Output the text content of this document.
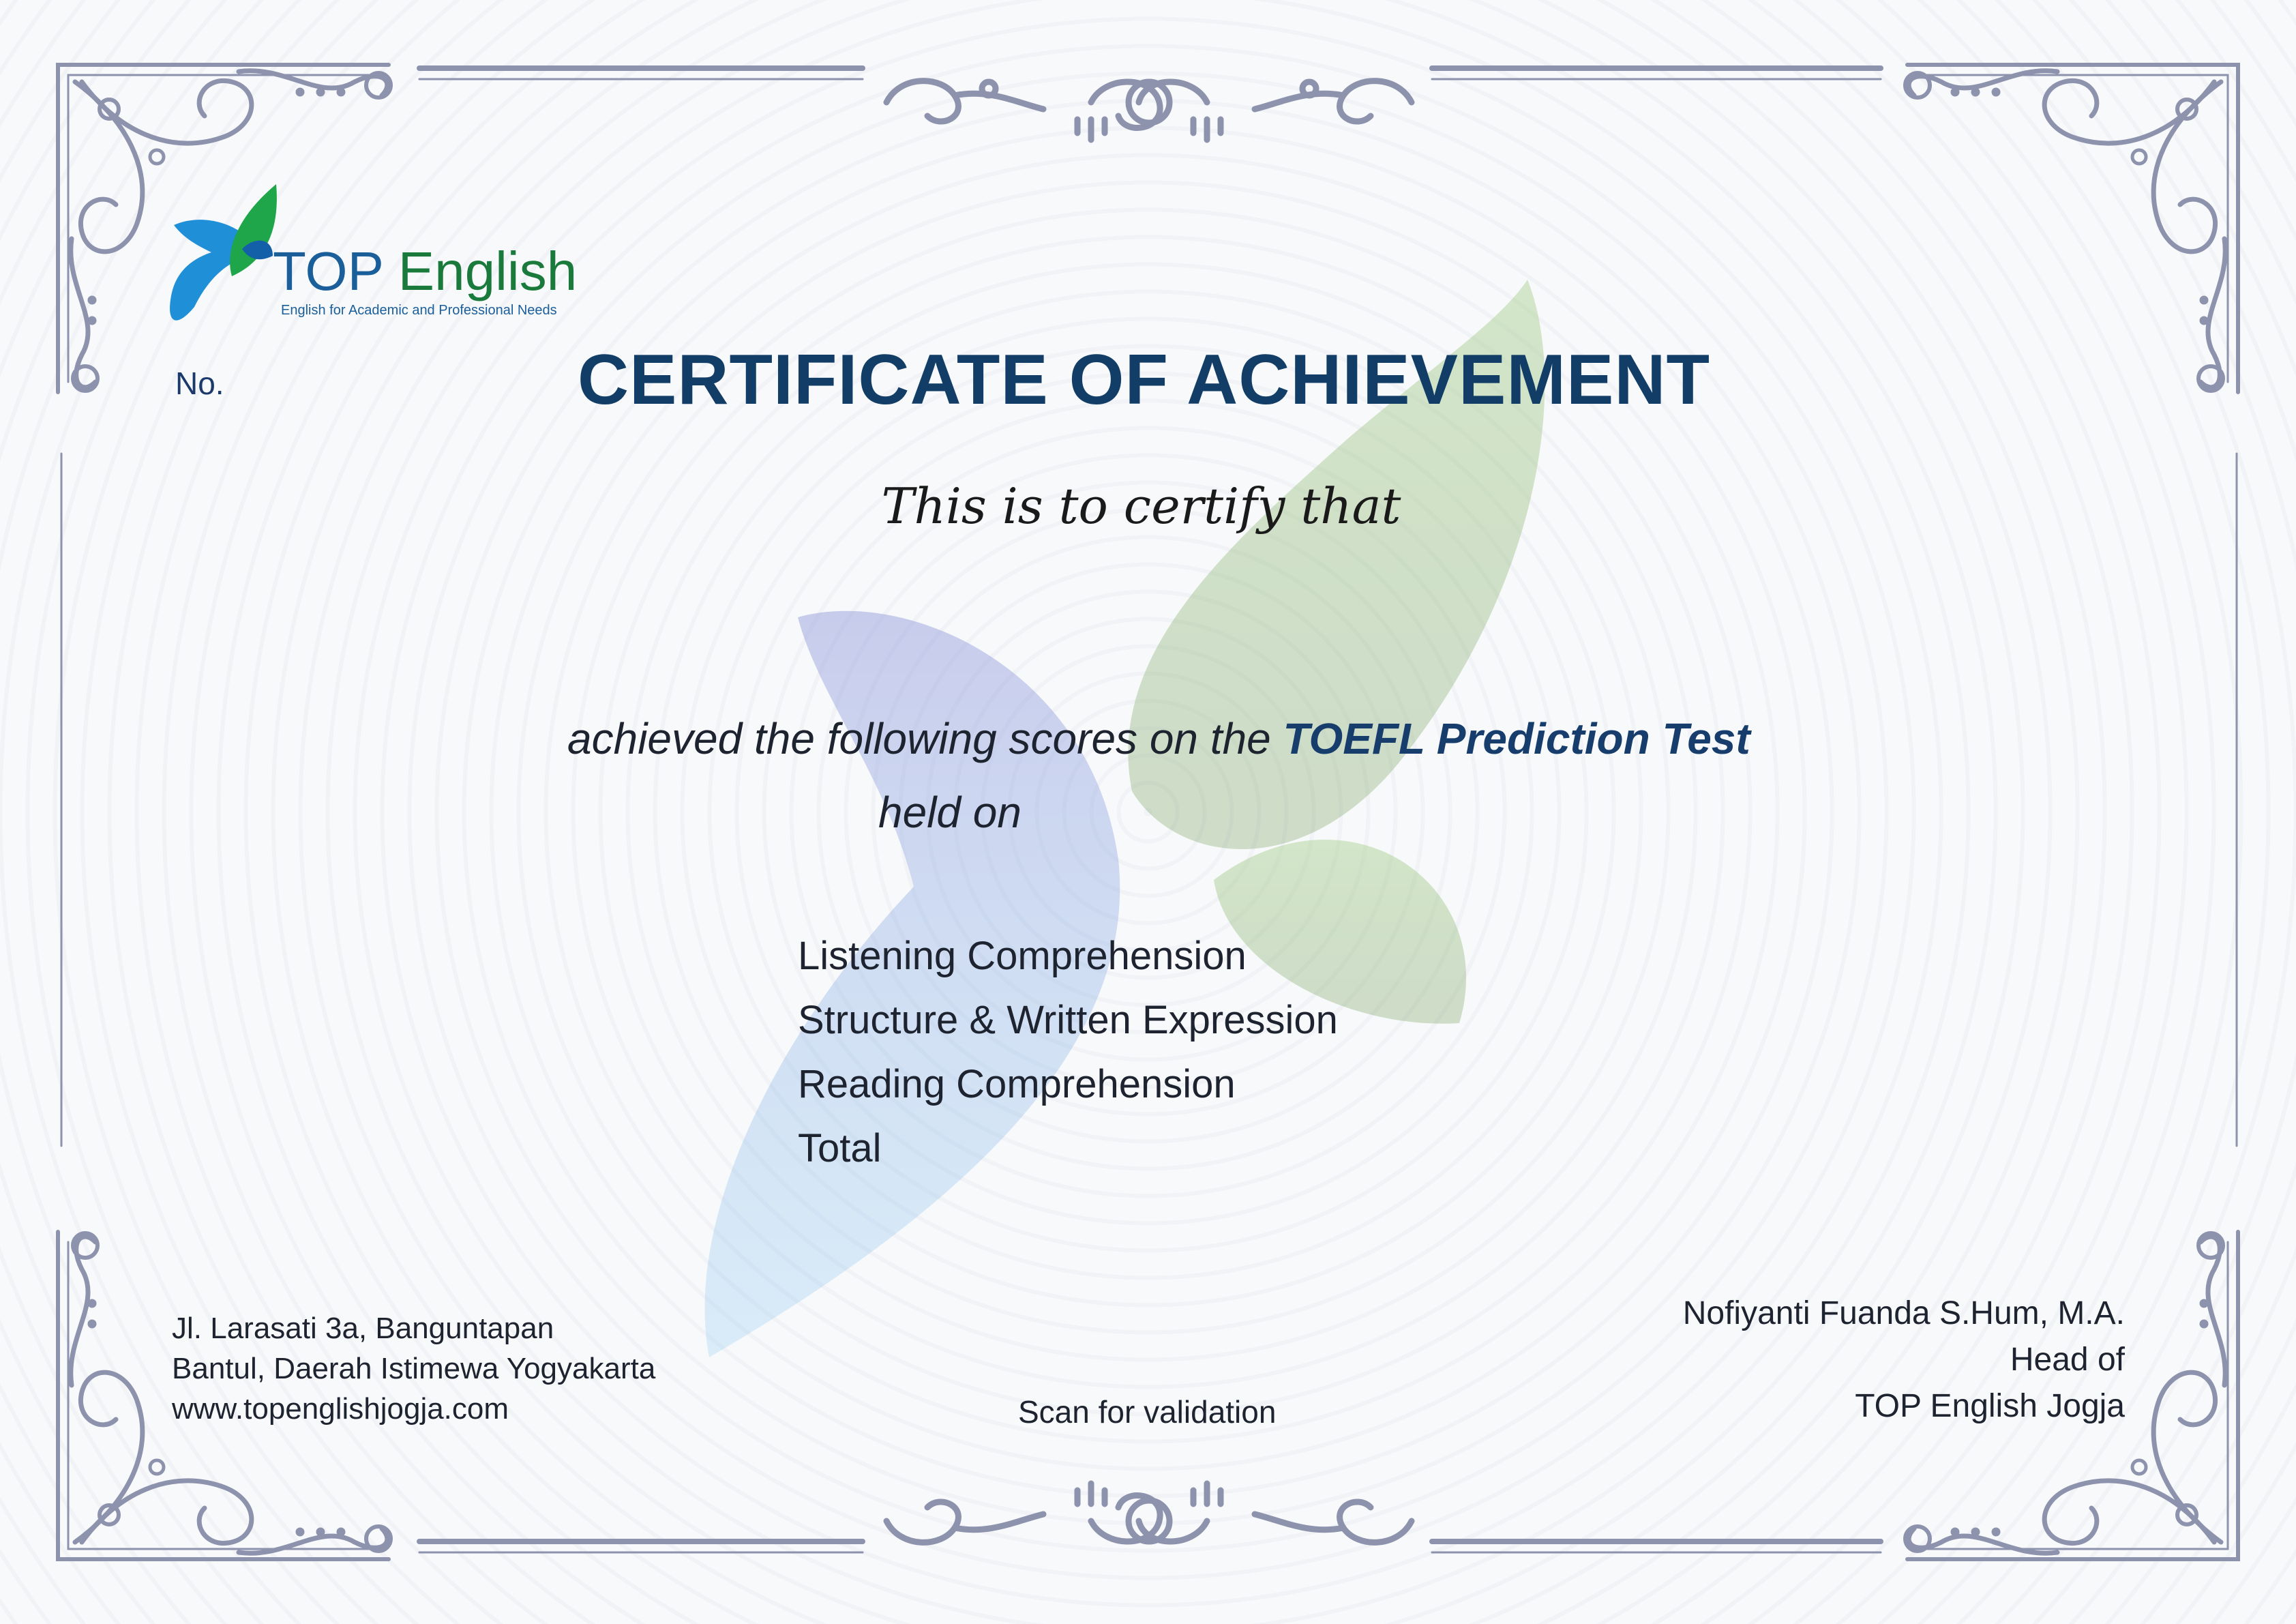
TOP English
English for Academic and Professional Needs
No.	CERTIFICATE OF ACHIEVEMENT
This is to certify that
achieved the following scores on the TOEFL Prediction Test
held on
Listening Comprehension
Structure & Written Expression
Reading Comprehension
Total
Jl. Larasati 3a, Banguntapan
Bantul, Daerah Istimewa Yogyakarta
www.topenglishjogja.com	Scan for validation
Nofiyanti Fuanda S.Hum, M.A.
Head of
TOP English Jogja
